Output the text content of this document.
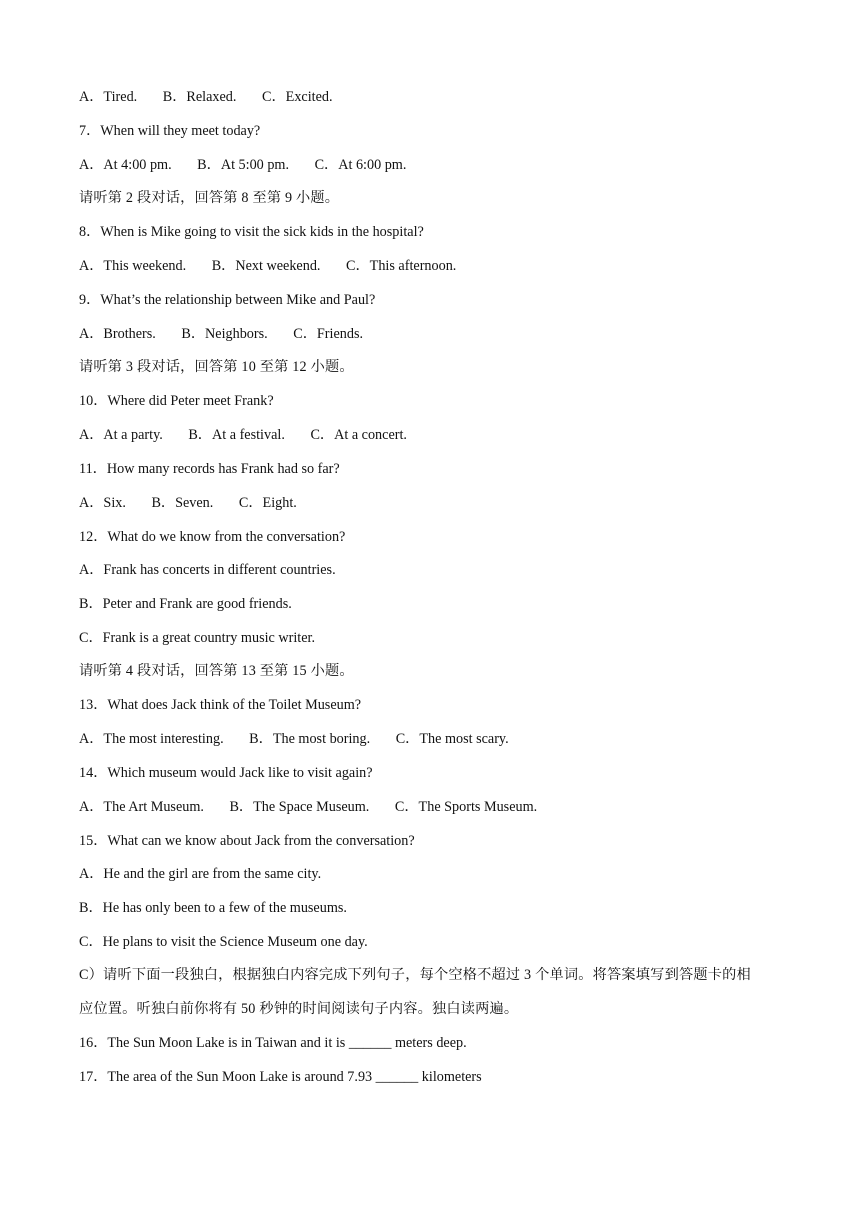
A．Tired. B．Relaxed. C．Excited.
7．When will they meet today?
A．At 4:00 pm. B．At 5:00 pm. C．At 6:00 pm.
请听第 2 段对话，回答第 8 至第 9 小题。
8．When is Mike going to visit the sick kids in the hospital?
A．This weekend. B．Next weekend. C．This afternoon.
9．What’s the relationship between Mike and Paul?
A．Brothers. B．Neighbors. C．Friends.
请听第 3 段对话，回答第 10 至第 12 小题。
10．Where did Peter meet Frank?
A．At a party. B．At a festival. C．At a concert.
11．How many records has Frank had so far?
A．Six. B．Seven. C．Eight.
12．What do we know from the conversation?
A．Frank has concerts in different countries.
B．Peter and Frank are good friends.
C．Frank is a great country music writer.
请听第 4 段对话，回答第 13 至第 15 小题。
13．What does Jack think of the Toilet Museum?
A．The most interesting. B．The most boring. C．The most scary.
14．Which museum would Jack like to visit again?
A．The Art Museum. B．The Space Museum. C．The Sports Museum.
15．What can we know about Jack from the conversation?
A．He and the girl are from the same city.
B．He has only been to a few of the museums.
C．He plans to visit the Science Museum one day.
C）请听下面一段独白，根据独白内容完成下列句子，每个空格不超过 3 个单词。将答案填写到答题卡的相
应位置。听独白前你将有 50 秒钟的时间阅读句子内容。独白读两遍。
16．The Sun Moon Lake is in Taiwan and it is ______ meters deep.
17．The area of the Sun Moon Lake is around 7.93 ______ kilometers
